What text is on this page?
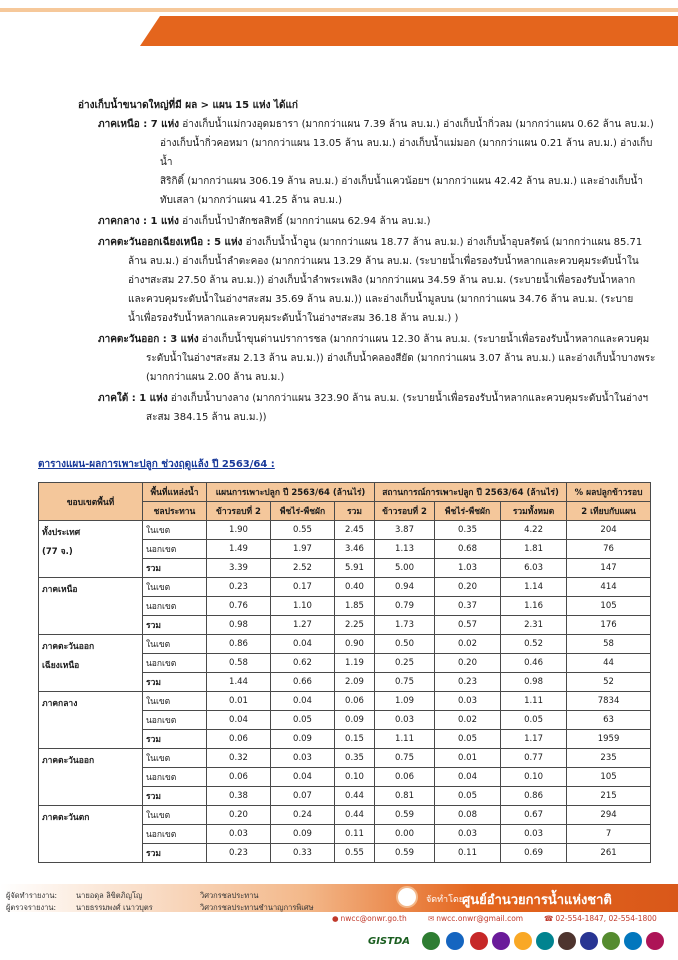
อ่างเก็บน้ำขนาดใหญ่ที่มี ผล > แผน 15 แห่ง ได้แก่

ภาคเหนือ : 7 แห่ง อ่างเก็บน้ำแม่กวงอุดมธารา (มากกว่าแผน 7.39 ล้าน ลบ.ม.) อ่างเก็บน้ำกิ่วลม (มากกว่าแผน 0.62 ล้าน ลบ.ม.)
อ่างเก็บน้ำกิ่วคอหมา (มากกว่าแผน 13.05 ล้าน ลบ.ม.) อ่างเก็บน้ำแม่มอก (มากกว่าแผน 0.21 ล้าน ลบ.ม.) อ่างเก็บน้ำ
สิริกิติ์ (มากกว่าแผน 306.19 ล้าน ลบ.ม.) อ่างเก็บน้ำแควน้อยฯ (มากกว่าแผน 42.42 ล้าน ลบ.ม.) และอ่างเก็บน้ำ
ทับเสลา (มากกว่าแผน 41.25 ล้าน ลบ.ม.)
ภาคกลาง : 1 แห่ง อ่างเก็บน้ำป่าสักชลสิทธิ์ (มากกว่าแผน 62.94 ล้าน ลบ.ม.)
ภาคตะวันออกเฉียงเหนือ : 5 แห่ง อ่างเก็บน้ำน้ำอูน (มากกว่าแผน 18.77 ล้าน ลบ.ม.) อ่างเก็บน้ำอุบลรัตน์ (มากกว่าแผน 85.71
ล้าน ลบ.ม.) อ่างเก็บน้ำลำตะคอง (มากกว่าแผน 13.29 ล้าน ลบ.ม. (ระบายน้ำเพื่อรองรับน้ำหลากและควบคุมระดับน้ำใน
อ่างฯสะสม 27.50 ล้าน ลบ.ม.)) อ่างเก็บน้ำลำพระเพลิง (มากกว่าแผน 34.59 ล้าน ลบ.ม. (ระบายน้ำเพื่อรองรับน้ำหลาก
และควบคุมระดับน้ำในอ่างฯสะสม 35.69 ล้าน ลบ.ม.)) และอ่างเก็บน้ำมูลบน (มากกว่าแผน 34.76 ล้าน ลบ.ม. (ระบาย
น้ำเพื่อรองรับน้ำหลากและควบคุมระดับน้ำในอ่างฯสะสม 36.18 ล้าน ลบ.ม.) )
ภาคตะวันออก : 3 แห่ง อ่างเก็บน้ำขุนด่านปราการชล (มากกว่าแผน 12.30 ล้าน ลบ.ม. (ระบายน้ำเพื่อรองรับน้ำหลากและควบคุม
ระดับน้ำในอ่างฯสะสม 2.13 ล้าน ลบ.ม.)) อ่างเก็บน้ำคลองสียัด (มากกว่าแผน 3.07 ล้าน ลบ.ม.) และอ่างเก็บน้ำบางพระ
(มากกว่าแผน 2.00 ล้าน ลบ.ม.)
ภาคใต้ : 1 แห่ง อ่างเก็บน้ำบางลาง (มากกว่าแผน 323.90 ล้าน ลบ.ม. (ระบายน้ำเพื่อรองรับน้ำหลากและควบคุมระดับน้ำในอ่างฯ
สะสม 384.15 ล้าน ลบ.ม.))
ตารางแผน-ผลการเพาะปลูก ช่วงฤดูแล้ง ปี 2563/64 :
ขอบเขตพื้นที่	พื้นที่แหล่งน้ำ	แผนการเพาะปลูก ปี 2563/64 (ล้านไร่)			สถานการณ์การเพาะปลูก ปี 2563/64 (ล้านไร่)			% ผลปลูกข้าวรอบ
	ชลประทาน	ข้าวรอบที่ 2	พืชไร่-พืชผัก	รวม	ข้าวรอบที่ 2	พืชไร่-พืชผัก	รวมทั้งหมด	2 เทียบกับแผน

ทั้งประเทศ
(77 จ.)	ในเขต	1.90	0.55	2.45	3.87	0.35	4.22	204
	นอกเขต	1.49	1.97	3.46	1.13	0.68	1.81	76
	รวม	3.39	2.52	5.91	5.00	1.03	6.03	147

ภาคเหนือ	ในเขต	0.23	0.17	0.40	0.94	0.20	1.14	414
	นอกเขต	0.76	1.10	1.85	0.79	0.37	1.16	105
	รวม	0.98	1.27	2.25	1.73	0.57	2.31	176

ภาคตะวันออก
เฉียงเหนือ	ในเขต	0.86	0.04	0.90	0.50	0.02	0.52	58
	นอกเขต	0.58	0.62	1.19	0.25	0.20	0.46	44
	รวม	1.44	0.66	2.09	0.75	0.23	0.98	52

ภาคกลาง	ในเขต	0.01	0.04	0.06	1.09	0.03	1.11	7834
	นอกเขต	0.04	0.05	0.09	0.03	0.02	0.05	63
	รวม	0.06	0.09	0.15	1.11	0.05	1.17	1959

ภาคตะวันออก	ในเขต	0.32	0.03	0.35	0.75	0.01	0.77	235
	นอกเขต	0.06	0.04	0.10	0.06	0.04	0.10	105
	รวม	0.38	0.07	0.44	0.81	0.05	0.86	215

ภาคตะวันตก	ในเขต	0.20	0.24	0.44	0.59	0.08	0.67	294
	นอกเขต	0.03	0.09	0.11	0.00	0.03	0.03	7
	รวม	0.23	0.33	0.55	0.59	0.11	0.69	261
ผู้จัดทำรายงาน:	นายอดุล ลิขิตภิญโญ	วิศวกรชลประทาน
ผู้ตรวจรายงาน:	นายธรรมพงศ์ เนาวบุตร	วิศวกรชลประทานชำนาญการพิเศษ
จัดทำโดย :
ศูนย์อำนวยการน้ำแห่งชาติ
● nwcc@onwr.go.th	✉ nwcc.onwr@gmail.com	☎ 02-554-1847, 02-554-1800
GISTDA
